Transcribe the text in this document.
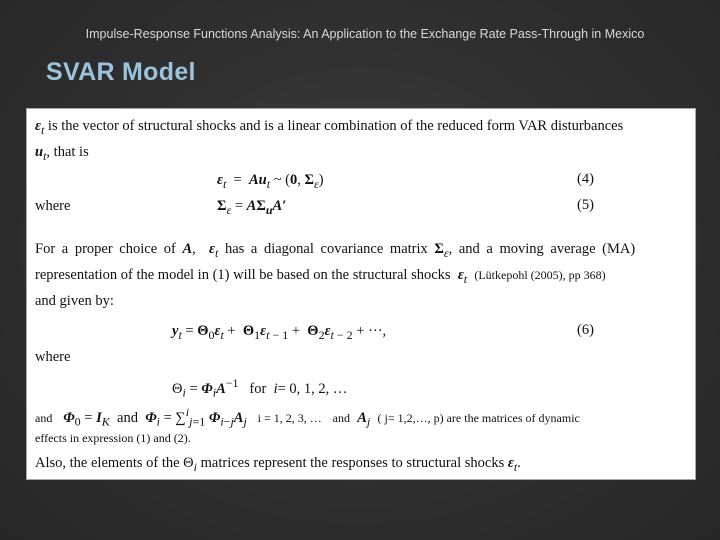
Impulse-Response Functions Analysis: An Application to the Exchange Rate Pass-Through in Mexico
SVAR Model
$\varepsilon_t$ is the vector of structural shocks and is a linear combination of the reduced form VAR disturbances
$u_t$, that is
$\varepsilon_t = Au_t$ ~ (0, $\Sigma_\varepsilon$)	(4)
where	$\Sigma_\varepsilon = A\Sigma_uA'$	(5)
For a proper choice of A,  $\varepsilon_t$ has a diagonal covariance matrix $\Sigma_\varepsilon$, and a moving average (MA)
representation of the model in (1) will be based on the structural shocks $\varepsilon_t$ (Lütkepohl (2005), pp 368)
and given by:
$y_t = \Theta_0\varepsilon_t + \Theta_1\varepsilon_{t - 1} + \Theta_2\varepsilon_{t - 2}$ + ···,	(6)
where
$\Theta_i = \Phi_iA^{-1}$ for i= 0, 1, 2, …
and $\Phi_0 = I_K$  and  $\Phi_i = \sum^i_{j=1}$ $\Phi_{i-j}A_j$ i = 1, 2, 3, … and $A_j$ ( j= 1,2,…, p) are the matrices of dynamic
effects in expression (1) and (2).
Also, the elements of the $\Theta_i$ matrices represent the responses to structural shocks $\varepsilon_t$.
